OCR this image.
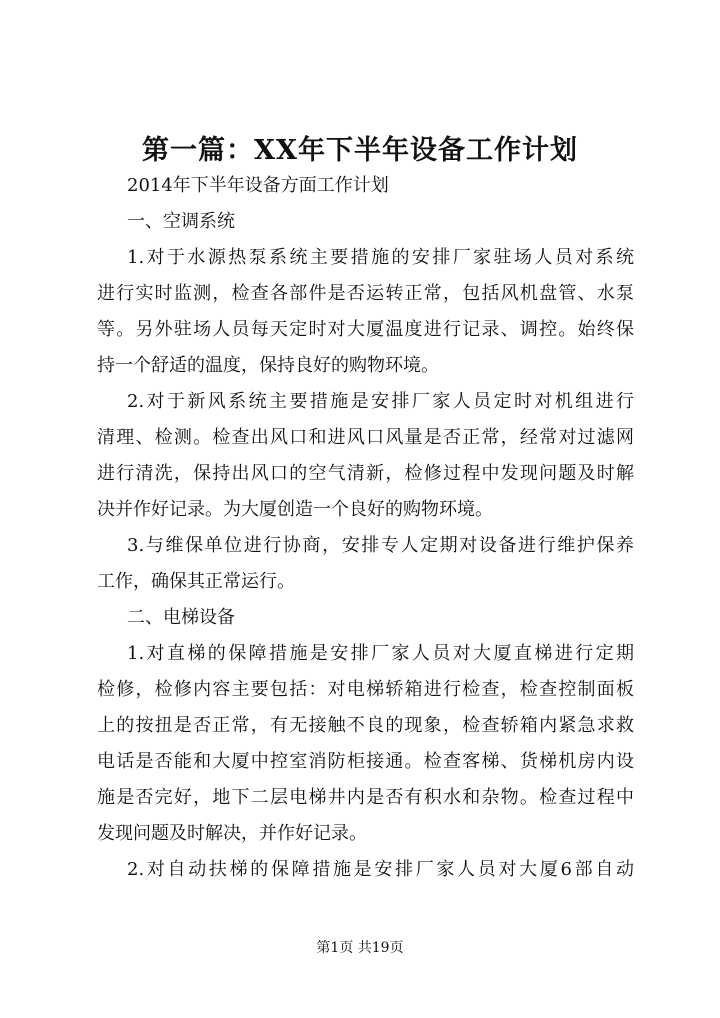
第一篇：XX年下半年设备工作计划
2014年下半年设备方面工作计划
一、空调系统
1.对于水源热泵系统主要措施的安排厂家驻场人员对系统
进行实时监测，检查各部件是否运转正常，包括风机盘管、水泵
等。另外驻场人员每天定时对大厦温度进行记录、调控。始终保
持一个舒适的温度，保持良好的购物环境。
2.对于新风系统主要措施是安排厂家人员定时对机组进行
清理、检测。检查出风口和进风口风量是否正常，经常对过滤网
进行清洗，保持出风口的空气清新，检修过程中发现问题及时解
决并作好记录。为大厦创造一个良好的购物环境。
3.与维保单位进行协商，安排专人定期对设备进行维护保养
工作，确保其正常运行。
二、电梯设备
1.对直梯的保障措施是安排厂家人员对大厦直梯进行定期
检修，检修内容主要包括：对电梯轿箱进行检查，检查控制面板
上的按扭是否正常，有无接触不良的现象，检查轿箱内紧急求救
电话是否能和大厦中控室消防柜接通。检查客梯、货梯机房内设
施是否完好，地下二层电梯井内是否有积水和杂物。检查过程中
发现问题及时解决，并作好记录。
2.对自动扶梯的保障措施是安排厂家人员对大厦6部自动
第1页 共19页
